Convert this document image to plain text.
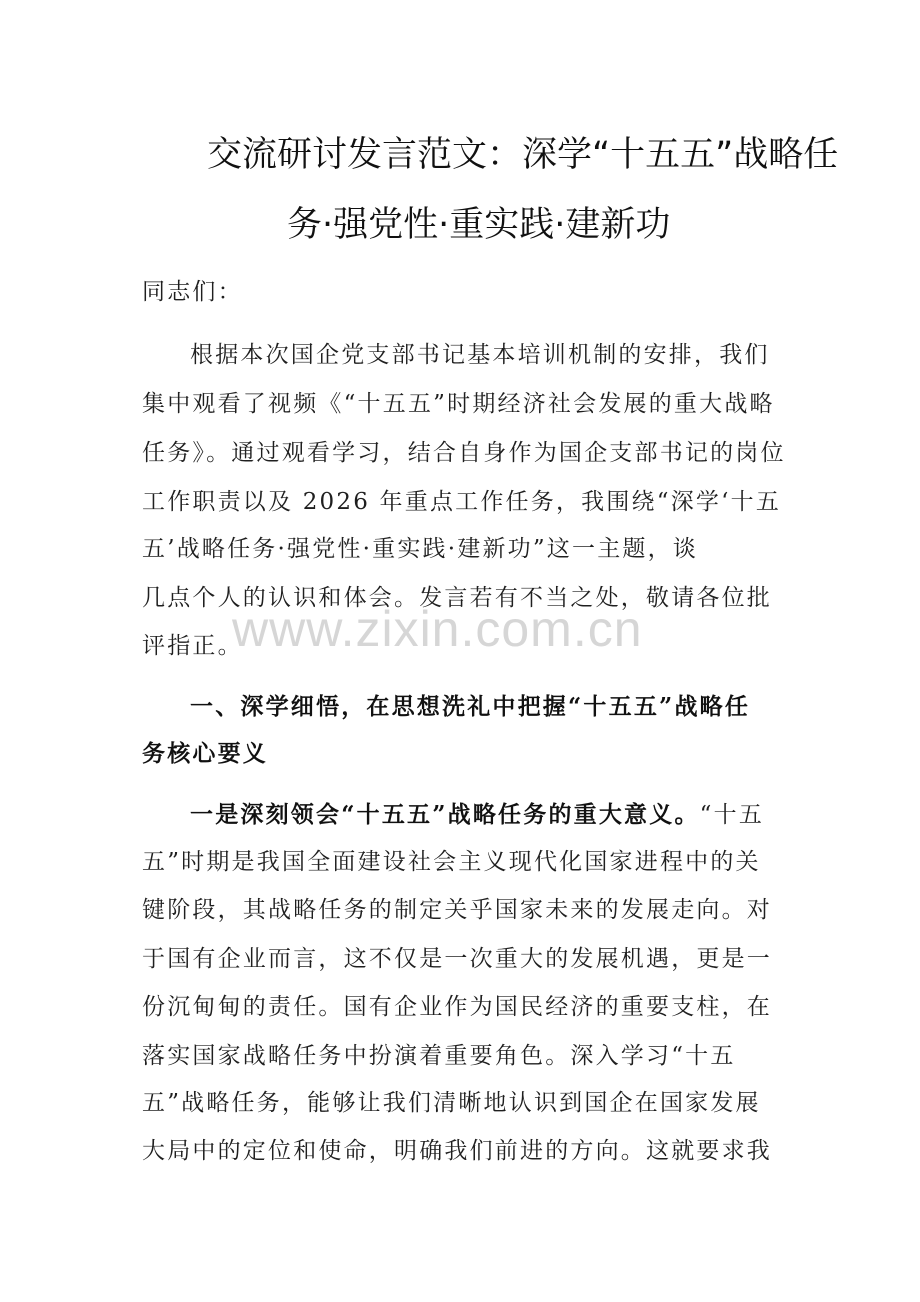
交流研讨发言范文：深学“十五五”战略任
务·强党性·重实践·建新功
同志们：
根据本次国企党支部书记基本培训机制的安排，我们
集中观看了视频《“十五五”时期经济社会发展的重大战略
任务》。通过观看学习，结合自身作为国企支部书记的岗位
工作职责以及 2026 年重点工作任务，我围绕“深学‘十五
五’战略任务·强党性·重实践·建新功”这一主题，谈
几点个人的认识和体会。发言若有不当之处，敬请各位批
评指正。
www.zixin.com.cn
一、深学细悟，在思想洗礼中把握“十五五”战略任
务核心要义
一是深刻领会“十五五”战略任务的重大意义。“十五
五”时期是我国全面建设社会主义现代化国家进程中的关
键阶段，其战略任务的制定关乎国家未来的发展走向。对
于国有企业而言，这不仅是一次重大的发展机遇，更是一
份沉甸甸的责任。国有企业作为国民经济的重要支柱，在
落实国家战略任务中扮演着重要角色。深入学习“十五
五”战略任务，能够让我们清晰地认识到国企在国家发展
大局中的定位和使命，明确我们前进的方向。这就要求我
